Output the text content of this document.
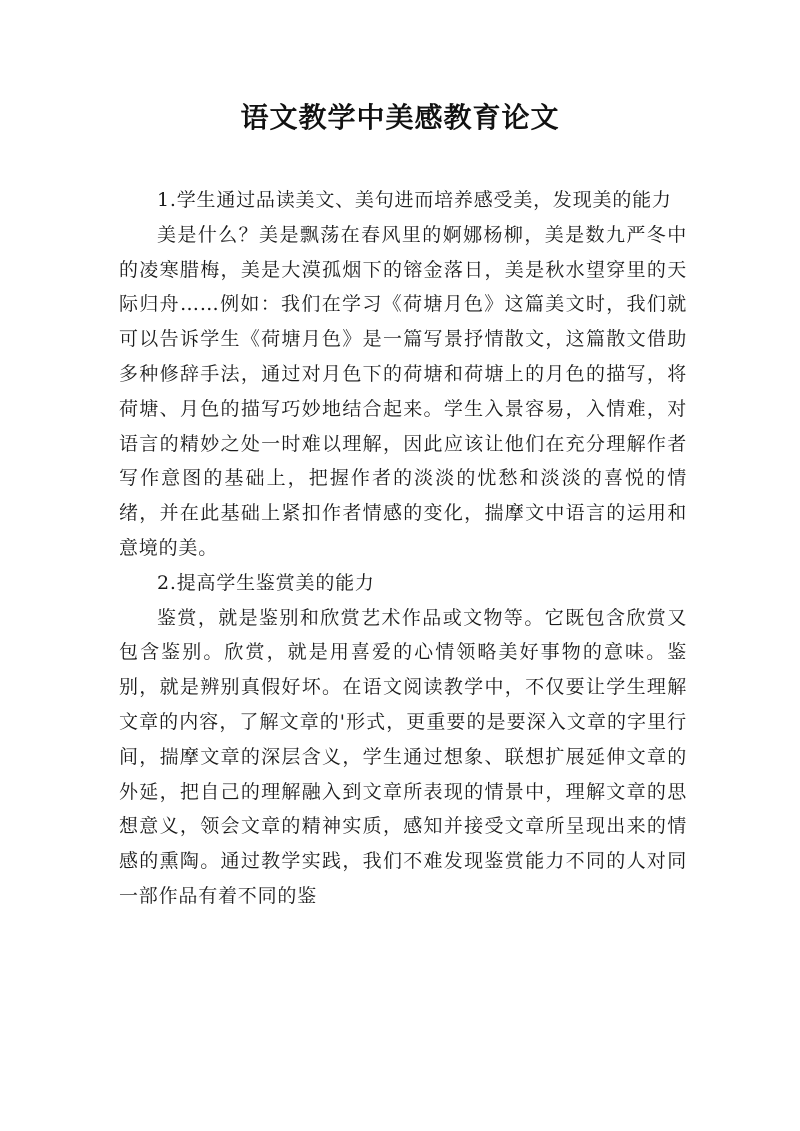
语文教学中美感教育论文

1.学生通过品读美文、美句进而培养感受美，发现美的能力

美是什么？美是飘荡在春风里的婀娜杨柳，美是数九严冬中的凌寒腊梅，美是大漠孤烟下的镕金落日，美是秋水望穿里的天际归舟……例如：我们在学习《荷塘月色》这篇美文时，我们就可以告诉学生《荷塘月色》是一篇写景抒情散文，这篇散文借助多种修辞手法，通过对月色下的荷塘和荷塘上的月色的描写，将荷塘、月色的描写巧妙地结合起来。学生入景容易，入情难，对语言的精妙之处一时难以理解，因此应该让他们在充分理解作者写作意图的基础上，把握作者的淡淡的忧愁和淡淡的喜悦的情绪，并在此基础上紧扣作者情感的变化，揣摩文中语言的运用和意境的美。

2.提高学生鉴赏美的能力

鉴赏，就是鉴别和欣赏艺术作品或文物等。它既包含欣赏又包含鉴别。欣赏，就是用喜爱的心情领略美好事物的意味。鉴别，就是辨别真假好坏。在语文阅读教学中，不仅要让学生理解文章的内容，了解文章的'形式，更重要的是要深入文章的字里行间，揣摩文章的深层含义，学生通过想象、联想扩展延伸文章的外延，把自己的理解融入到文章所表现的情景中，理解文章的思想意义，领会文章的精神实质，感知并接受文章所呈现出来的情感的熏陶。通过教学实践，我们不难发现鉴赏能力不同的人对同一部作品有着不同的鉴
